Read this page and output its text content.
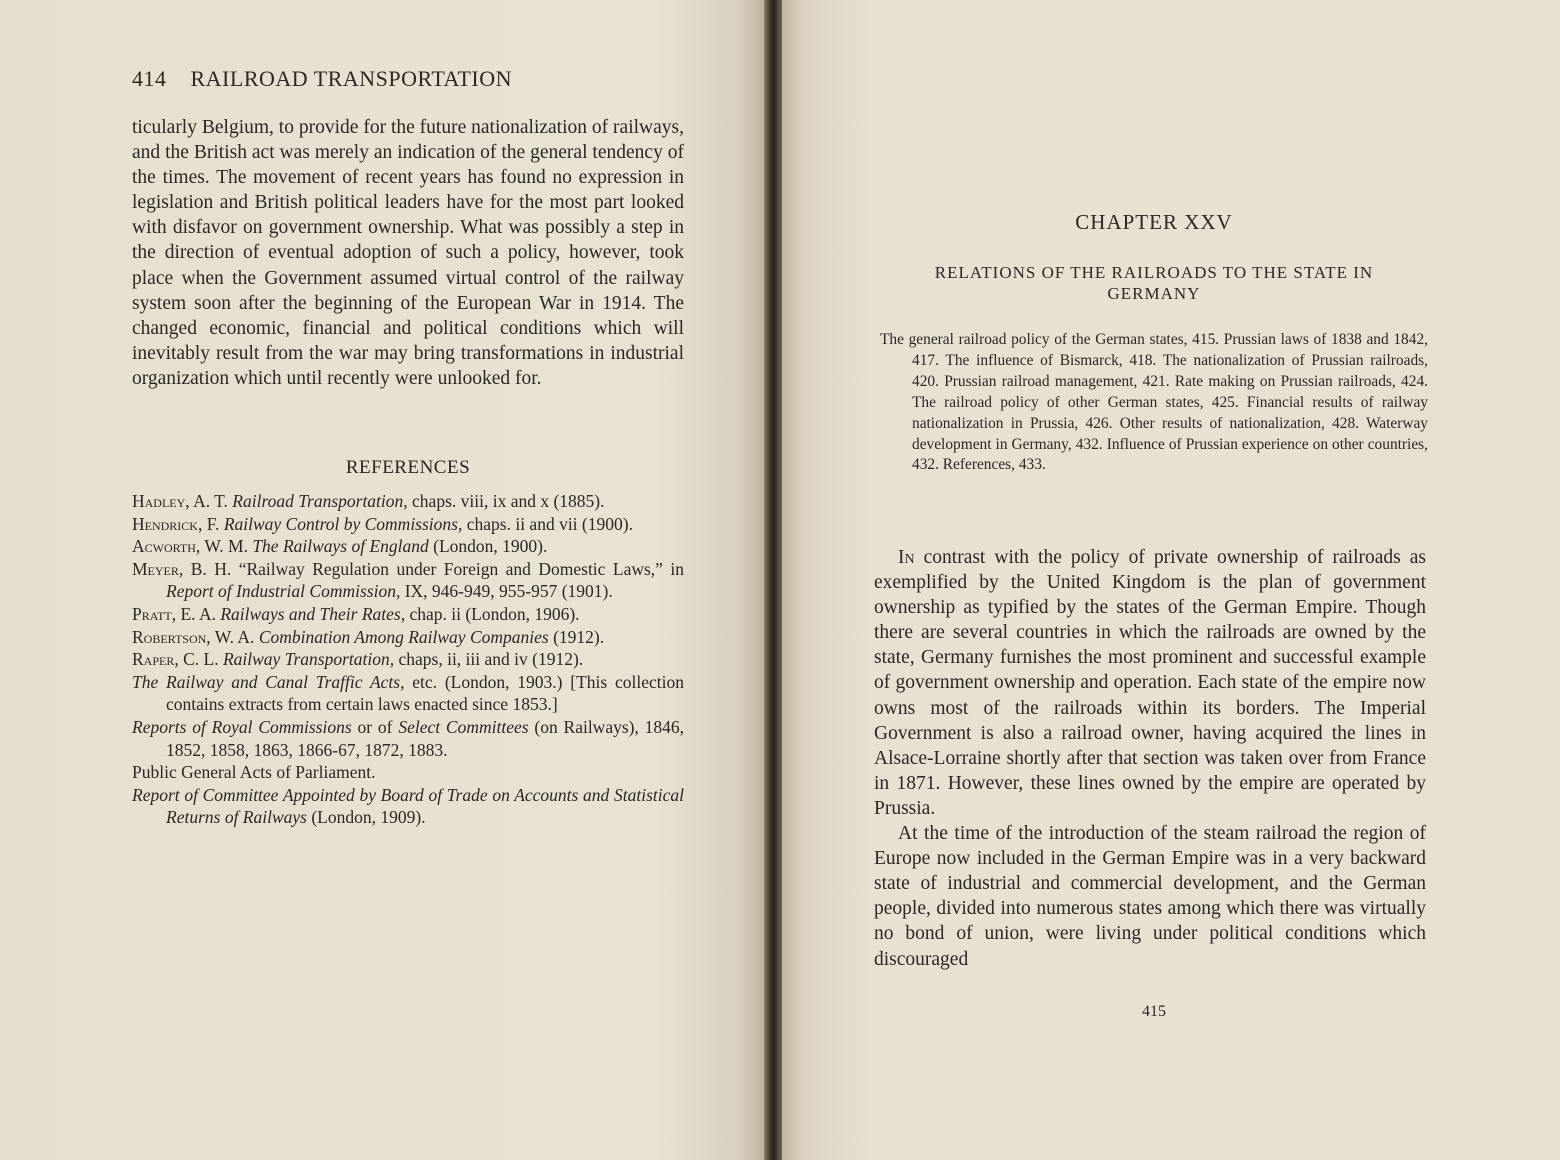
414 RAILROAD TRANSPORTATION

ticularly Belgium, to provide for the future nationalization of railways, and the British act was merely an indication of the general tendency of the times. The movement of recent years has found no expression in legislation and British political leaders have for the most part looked with disfavor on government ownership. What was possibly a step in the direction of eventual adoption of such a policy, however, took place when the Government assumed virtual control of the railway system soon after the beginning of the European War in 1914. The changed economic, financial and political conditions which will inevitably result from the war may bring transformations in industrial organization which until recently were unlooked for.

REFERENCES

Hadley, A. T. Railroad Transportation, chaps. viii, ix and x (1885).

Hendrick, F. Railway Control by Commissions, chaps. ii and vii (1900).

Acworth, W. M. The Railways of England (London, 1900).

Meyer, B. H. “Railway Regulation under Foreign and Domestic Laws,” in Report of Industrial Commission, IX, 946-949, 955-957 (1901).

Pratt, E. A. Railways and Their Rates, chap. ii (London, 1906).

Robertson, W. A. Combination Among Railway Companies (1912).

Raper, C. L. Railway Transportation, chaps, ii, iii and iv (1912).

The Railway and Canal Traffic Acts, etc. (London, 1903.) [This collection contains extracts from certain laws enacted since 1853.]

Reports of Royal Commissions or of Select Committees (on Railways), 1846, 1852, 1858, 1863, 1866-67, 1872, 1883.

Public General Acts of Parliament.

Report of Committee Appointed by Board of Trade on Accounts and Statistical Returns of Railways (London, 1909).

CHAPTER XXV
RELATIONS OF THE RAILROADS TO THE STATE IN
GERMANY
The general railroad policy of the German states, 415. Prussian laws of 1838 and 1842, 417. The influence of Bismarck, 418. The nationalization of Prussian railroads, 420. Prussian railroad management, 421. Rate making on Prussian railroads, 424. The railroad policy of other German states, 425. Financial results of railway nationalization in Prussia, 426. Other results of nationalization, 428. Waterway development in Germany, 432. Influence of Prussian experience on other countries, 432. References, 433.

In contrast with the policy of private ownership of railroads as exemplified by the United Kingdom is the plan of government ownership as typified by the states of the German Empire. Though there are several countries in which the railroads are owned by the state, Germany furnishes the most prominent and successful example of government ownership and operation. Each state of the empire now owns most of the railroads within its borders. The Imperial Government is also a railroad owner, having acquired the lines in Alsace-Lorraine shortly after that section was taken over from France in 1871. However, these lines owned by the empire are operated by Prussia.

At the time of the introduction of the steam railroad the region of Europe now included in the German Empire was in a very backward state of industrial and commercial development, and the German people, divided into numerous states among which there was virtually no bond of union, were living under political conditions which discouraged

415
